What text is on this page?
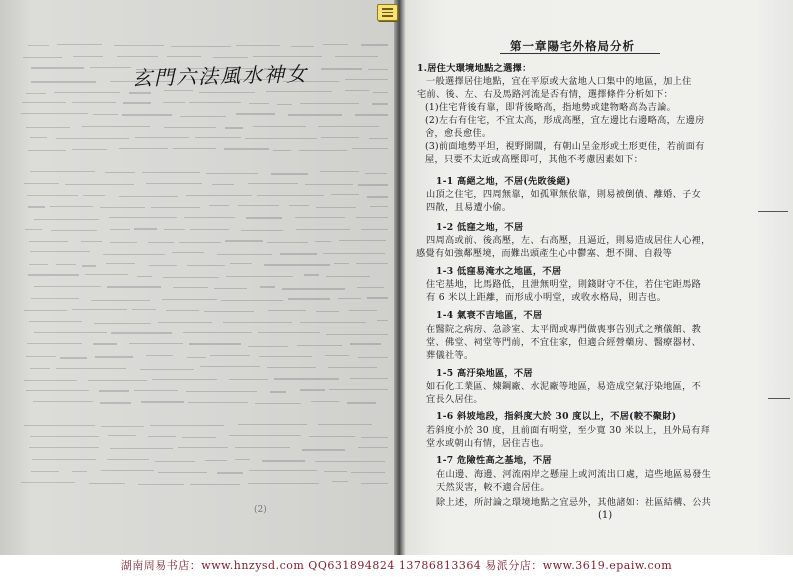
玄門六法風水神女
(2)
第一章陽宅外格局分析
1.居住大環境地點之選擇：
一般選擇居住地點，宜在平原或大盆地人口集中的地區，加上住
宅前、後、左、右及馬路河流是否有情，選擇條件分析如下：
(1)住宅背後有靠，即背後略高，指地勢或建物略高為吉論。
(2)左右有住宅，不宜太高，形成高壓，宜左邊比右邊略高，左邊房
舍，愈長愈佳。
(3)前面地勢平坦，視野開闊，有朝山呈金形或土形更佳，若前面有
屋，只要不太近或高壓即可，其他不考慮因素如下：
1-1 高絕之地，不居(先敗後絕)
山頂之住宅，四周無靠，如孤單無依靠，則易被倒債、離婚、子女
四散，且易遭小偷。
1-2 低窪之地，不居
四周高或前、後高壓，左、右高壓，且逼近，則易造成居住人心裡，
感覺有如強鄰壓境，而難出頭產生心中鬱塞、想不開、自殺等
1-3 低窪易淹水之地區，不居
住宅基地，比馬路低，且泄無明堂，則錢財守不住，若住宅距馬路
有 6 米以上距離，而形成小明堂，或收水格局，則吉也。
1-4 氣衰不吉地區，不居
在醫院之病房、急診室、太平間或專門做喪事告別式之殯儀館、教
堂、佛堂、祠堂等門前，不宜住家，但適合經營藥房、醫療器材、
葬儀社等。
1-5 高汙染地區，不居
如石化工業區、煉鋼廠、水泥廠等地區，易造成空氣汙染地區，不
宜長久居住。
1-6 斜坡地段，指斜度大於 30 度以上，不居(較不聚財)
若斜度小於 30 度，且前面有明堂，至少寬 30 米以上，且外局有拜
堂水或朝山有情，居住吉也。
1-7 危險性高之基地，不居
在山邊、海邊、河流兩岸之懸崖上或河流出口處，這些地區易發生
天然災害，較不適合居住。
除上述，所討論之環境地點之宜忌外，其他諸如：社區結構、公共
(1)
湖南周易书店：www.hnzysd.com QQ631894824 13786813364 易派分店：www.3619.epaiw.com
